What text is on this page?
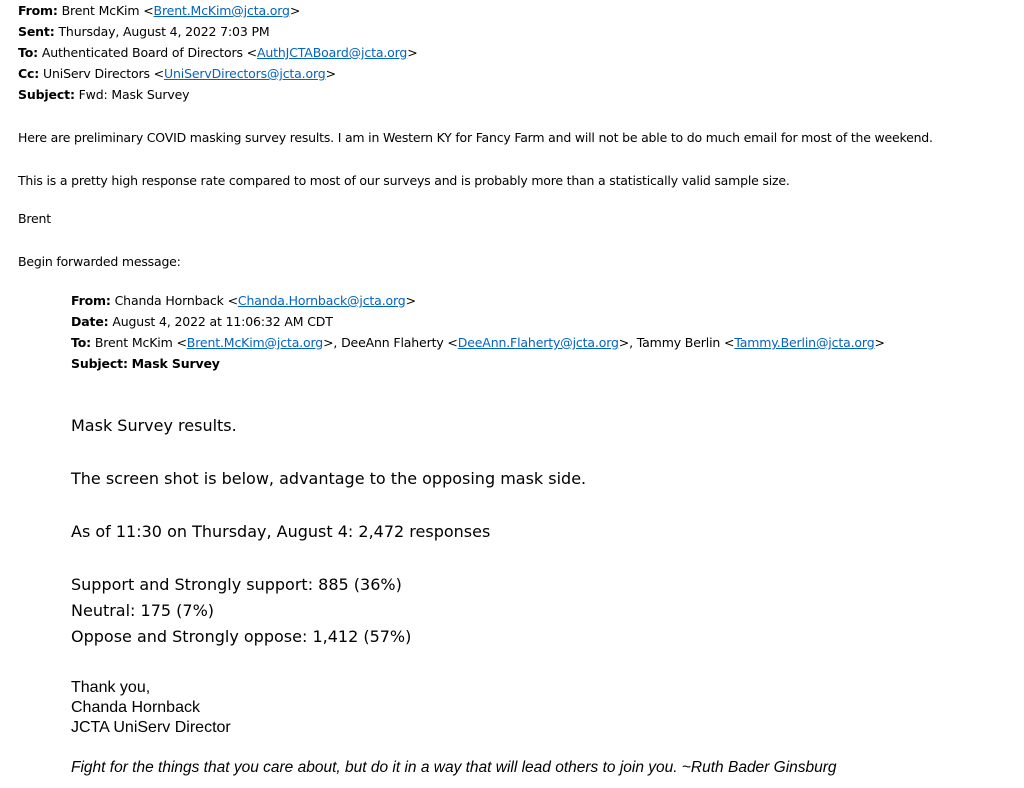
From: Brent McKim <Brent.McKim@jcta.org>
Sent: Thursday, August 4, 2022 7:03 PM
To: Authenticated Board of Directors <AuthJCTABoard@jcta.org>
Cc: UniServ Directors <UniServDirectors@jcta.org>
Subject: Fwd: Mask Survey
Here are preliminary COVID masking survey results. I am in Western KY for Fancy Farm and will not be able to do much email for most of the weekend.
This is a pretty high response rate compared to most of our surveys and is probably more than a statistically valid sample size.
Brent
Begin forwarded message:
From: Chanda Hornback <Chanda.Hornback@jcta.org>
Date: August 4, 2022 at 11:06:32 AM CDT
To: Brent McKim <Brent.McKim@jcta.org>, DeeAnn Flaherty <DeeAnn.Flaherty@jcta.org>, Tammy Berlin <Tammy.Berlin@jcta.org>
Subject: Mask Survey
Mask Survey results.
The screen shot is below, advantage to the opposing mask side.
As of 11:30 on Thursday, August 4: 2,472 responses
Support and Strongly support: 885 (36%)
Neutral: 175 (7%)
Oppose and Strongly oppose: 1,412 (57%)
Thank you,
Chanda Hornback
JCTA UniServ Director
Fight for the things that you care about, but do it in a way that will lead others to join you. ~Ruth Bader Ginsburg
